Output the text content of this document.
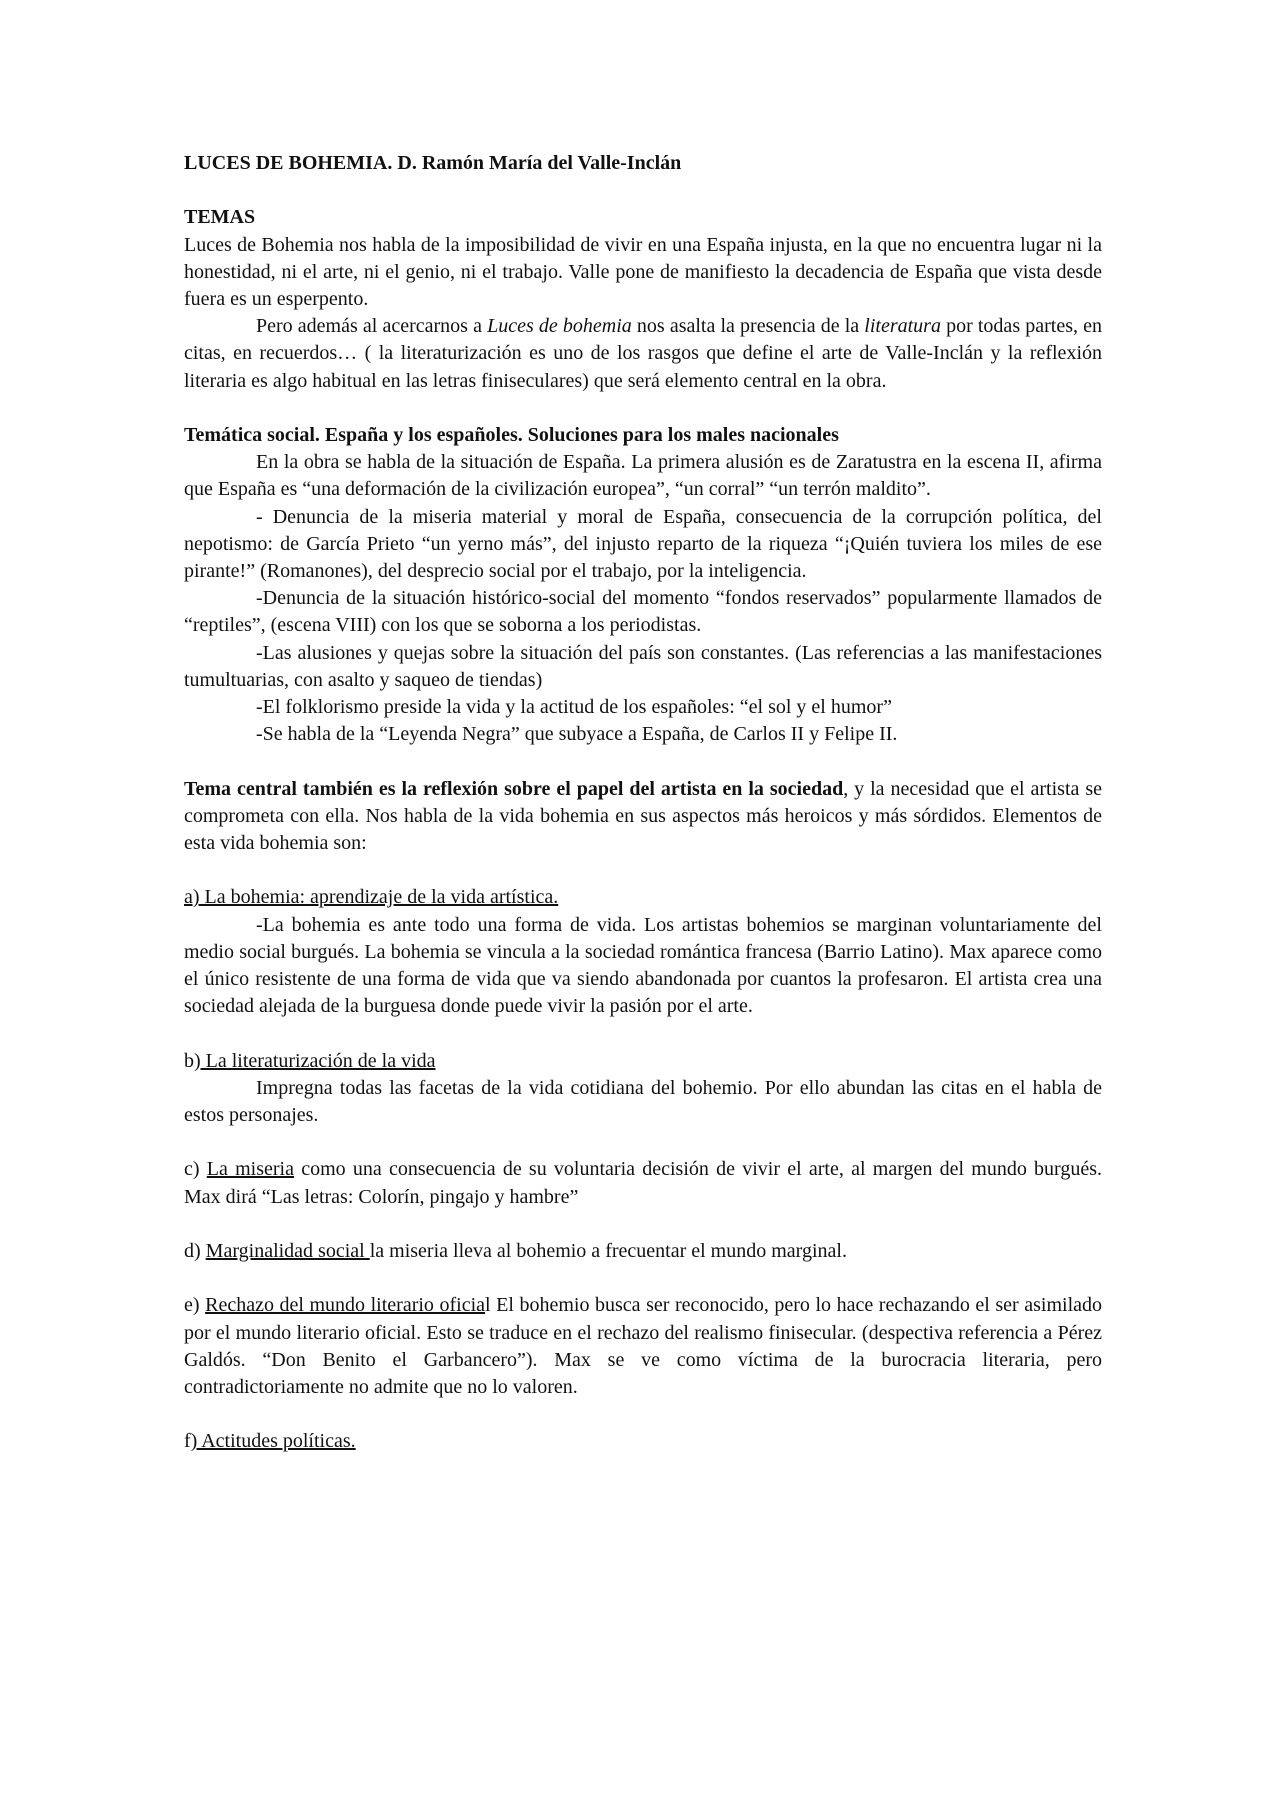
LUCES DE BOHEMIA. D. Ramón María del Valle-Inclán
TEMAS

Luces de Bohemia nos habla de la imposibilidad de vivir en una España injusta, en la que no encuentra lugar ni la honestidad, ni el arte, ni el genio, ni el trabajo. Valle pone de manifiesto la decadencia de España que vista desde fuera es un esperpento.

Pero además al acercarnos a Luces de bohemia nos asalta la presencia de la literatura por todas partes, en citas, en recuerdos… ( la literaturización es uno de los rasgos que define el arte de Valle-Inclán y la reflexión literaria es algo habitual en las letras finiseculares) que será elemento central en la obra.

Temática social. España y los españoles. Soluciones para los males nacionales

En la obra se habla de la situación de España. La primera alusión es de Zaratustra en la escena II, afirma que España es “una deformación de la civilización europea”, “un corral” “un terrón maldito”.

- Denuncia de la miseria material y moral de España, consecuencia de la corrupción política, del nepotismo: de García Prieto “un yerno más”, del injusto reparto de la riqueza “¡Quién tuviera los miles de ese pirante!” (Romanones), del desprecio social por el trabajo, por la inteligencia.

-Denuncia de la situación histórico-social del momento “fondos reservados” popularmente llamados de “reptiles”, (escena VIII) con los que se soborna a los periodistas.

-Las alusiones y quejas sobre la situación del país son constantes. (Las referencias a las manifestaciones tumultuarias, con asalto y saqueo de tiendas)

-El folklorismo preside la vida y la actitud de los españoles: “el sol y el humor”

-Se habla de la “Leyenda Negra” que subyace a España, de Carlos II y Felipe II.

Tema central también es la reflexión sobre el papel del artista en la sociedad, y la necesidad que el artista se comprometa con ella. Nos habla de la vida bohemia en sus aspectos más heroicos y más sórdidos. Elementos de esta vida bohemia son:

a) La bohemia: aprendizaje de la vida artística.

-La bohemia es ante todo una forma de vida. Los artistas bohemios se marginan voluntariamente del medio social burgués. La bohemia se vincula a la sociedad romántica francesa (Barrio Latino). Max aparece como el único resistente de una forma de vida que va siendo abandonada por cuantos la profesaron. El artista crea una sociedad alejada de la burguesa donde puede vivir la pasión por el arte.

b) La literaturización de la vida

Impregna todas las facetas de la vida cotidiana del bohemio. Por ello abundan las citas en el habla de estos personajes.

c) La miseria como una consecuencia de su voluntaria decisión de vivir el arte, al margen del mundo burgués. Max dirá “Las letras: Colorín, pingajo y hambre”

d) Marginalidad social la miseria lleva al bohemio a frecuentar el mundo marginal.

e) Rechazo del mundo literario oficial El bohemio busca ser reconocido, pero lo hace rechazando el ser asimilado por el mundo literario oficial. Esto se traduce en el rechazo del realismo finisecular. (despectiva referencia a Pérez Galdós. “Don Benito el Garbancero”). Max se ve como víctima de la burocracia literaria, pero contradictoriamente no admite que no lo valoren.

f) Actitudes políticas.
